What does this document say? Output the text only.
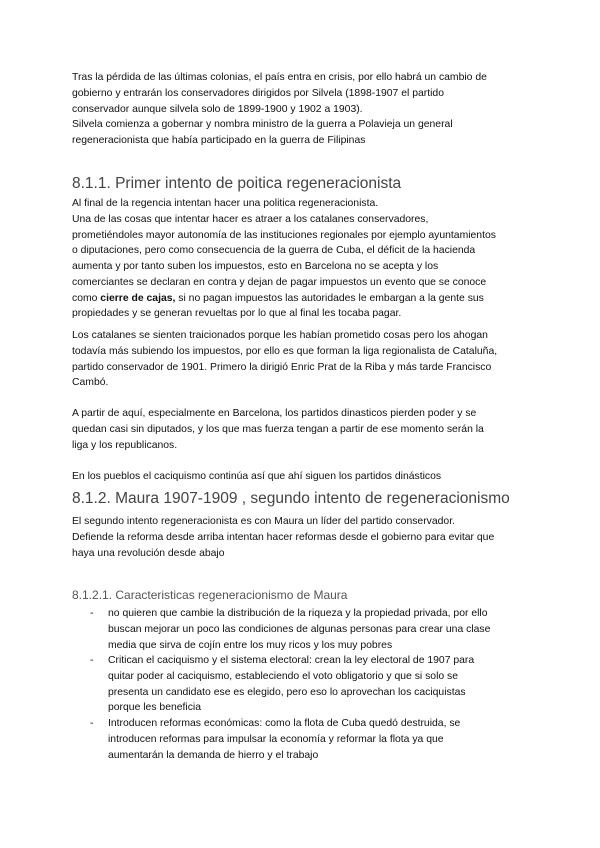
Tras la pérdida de las últimas colonias, el país entra en crisis, por ello habrá un cambio de
gobierno y entrarán los conservadores dirigidos por Silvela (1898-1907 el partido
conservador aunque silvela solo de 1899-1900 y 1902 a 1903).
Silvela comienza a gobernar y nombra ministro de la guerra a Polavieja un general
regeneracionista que había participado en la guerra de Filipinas
8.1.1. Primer intento de poitica regeneracionista
Al final de la regencia intentan hacer una politica regeneracionista.
Una de las cosas que intentar hacer es atraer a los catalanes conservadores,
prometiéndoles mayor autonomía de las instituciones regionales por ejemplo ayuntamientos
o diputaciones, pero como consecuencia de la guerra de Cuba, el déficit de la hacienda
aumenta y por tanto suben los impuestos, esto en Barcelona no se acepta y los
comerciantes se declaran en contra y dejan de pagar impuestos un evento que se conoce
como cierre de cajas, si no pagan impuestos las autoridades le embargan a la gente sus
propiedades y se generan revueltas por lo que al final les tocaba pagar.
Los catalanes se sienten traicionados porque les habían prometido cosas pero los ahogan
todavía más subiendo los impuestos, por ello es que forman la liga regionalista de Cataluña,
partido conservador de 1901. Primero la dirigió Enric Prat de la Riba y más tarde Francisco
Cambó.
A partir de aquí, especialmente en Barcelona, los partidos dinasticos pierden poder y se
quedan casi sin diputados, y los que mas fuerza tengan a partir de ese momento serán la
liga y los republicanos.
En los pueblos el caciquismo continúa así que ahí siguen los partidos dinásticos
8.1.2. Maura 1907-1909 , segundo intento de regeneracionismo
El segundo intento regeneracionista es con Maura un líder del partido conservador.
Defiende la reforma desde arriba intentan hacer reformas desde el gobierno para evitar que
haya una revolución desde abajo
8.1.2.1. Caracteristicas regeneracionismo de Maura
- no quieren que cambie la distribución de la riqueza y la propiedad privada, por ello
buscan mejorar un poco las condiciones de algunas personas para crear una clase
media que sirva de cojín entre los muy ricos y los muy pobres
- Critican el caciquismo y el sistema electoral: crean la ley electoral de 1907 para
quitar poder al caciquismo, estableciendo el voto obligatorio y que si solo se
presenta un candidato ese es elegido, pero eso lo aprovechan los caciquistas
porque les beneficia
- Introducen reformas económicas: como la flota de Cuba quedó destruida, se
introducen reformas para impulsar la economía y reformar la flota ya que
aumentarán la demanda de hierro y el trabajo
